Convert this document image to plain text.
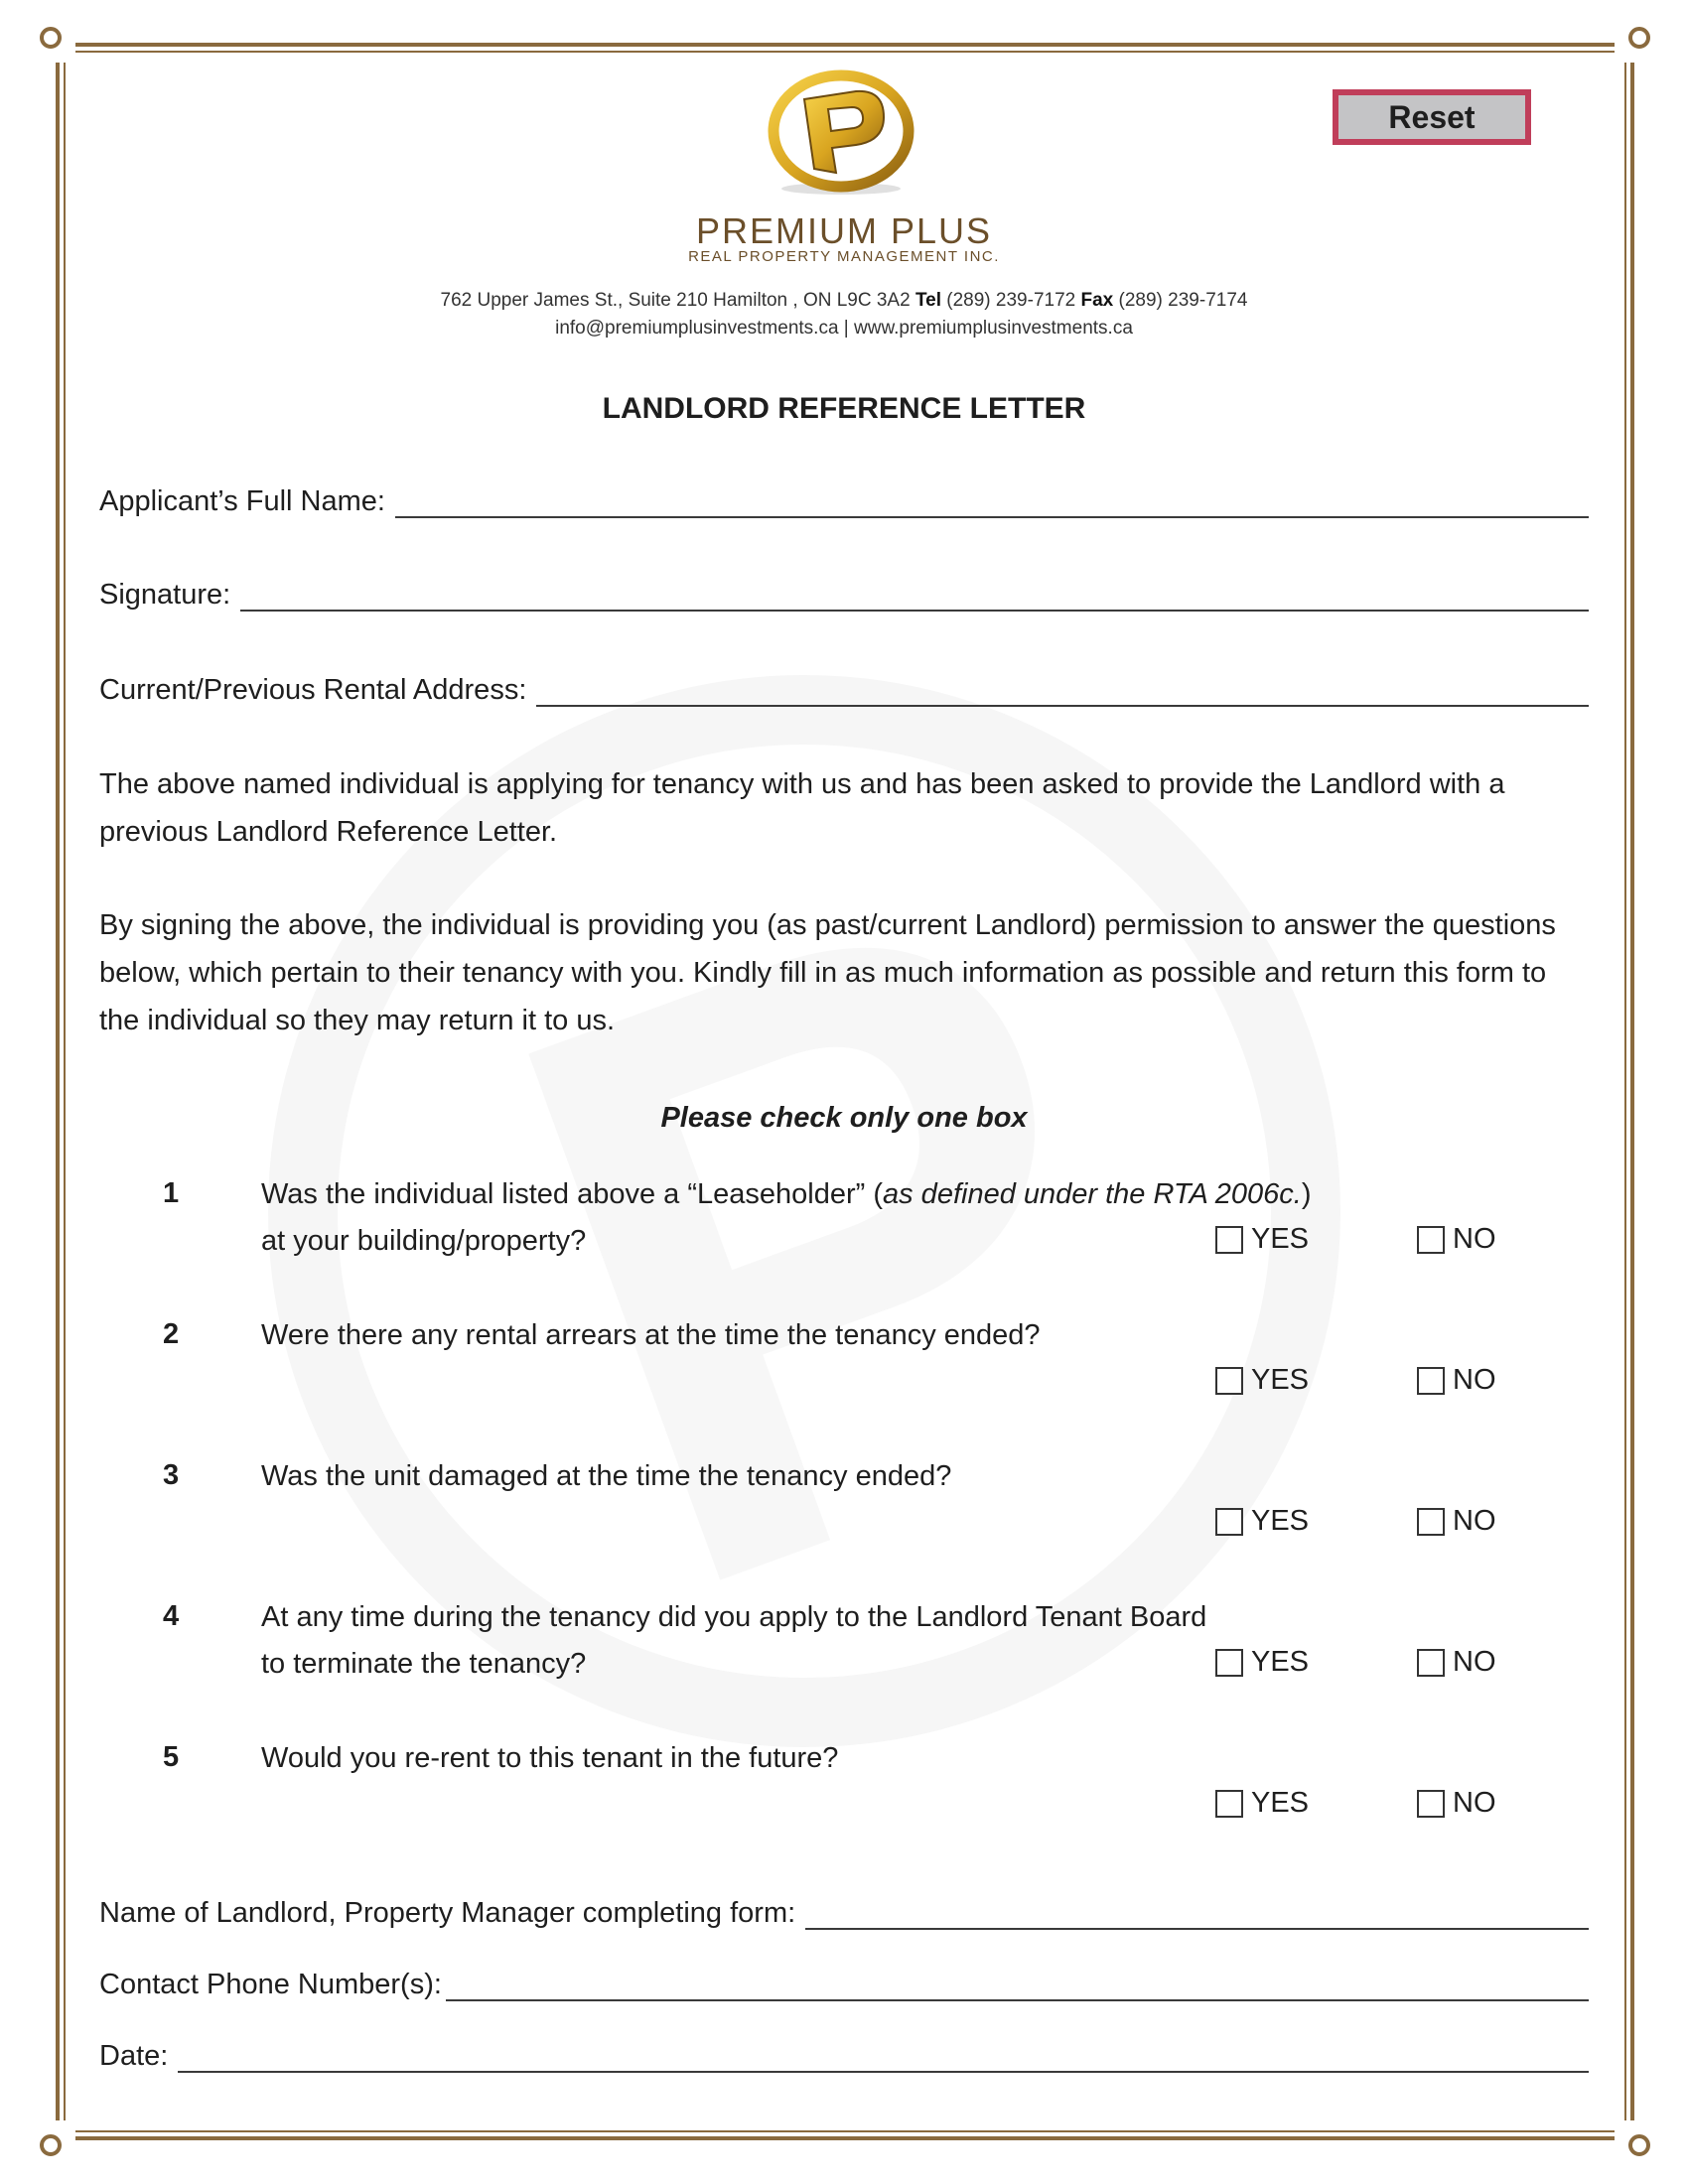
PREMIUM PLUS
REAL PROPERTY MANAGEMENT INC.
762 Upper James St., Suite 210 Hamilton , ON L9C 3A2 Tel (289) 239-7172 Fax (289) 239-7174
info@premiumplusinvestments.ca | www.premiumplusinvestments.ca
Reset
LANDLORD REFERENCE LETTER
Applicant’s Full Name:
Signature:
Current/Previous Rental Address:
The above named individual is applying for tenancy with us and has been asked to provide the Landlord with a previous Landlord Reference Letter.
By signing the above, the individual is providing you (as past/current Landlord) permission to answer the questions below, which pertain to their tenancy with you. Kindly fill in as much information as possible and return this form to the individual so they may return it to us.
Please check only one box
1	Was the individual listed above a “Leaseholder” (as defined under the RTA 2006c.)
at your building/property?	YES	NO
2	Were there any rental arrears at the time the tenancy ended?
YES	NO
3	Was the unit damaged at the time the tenancy ended?
YES	NO
4	At any time during the tenancy did you apply to the Landlord Tenant Board
to terminate the tenancy?	YES	NO
5	Would you re-rent to this tenant in the future?
YES	NO
Name of Landlord, Property Manager completing form:
Contact Phone Number(s):
Date:
